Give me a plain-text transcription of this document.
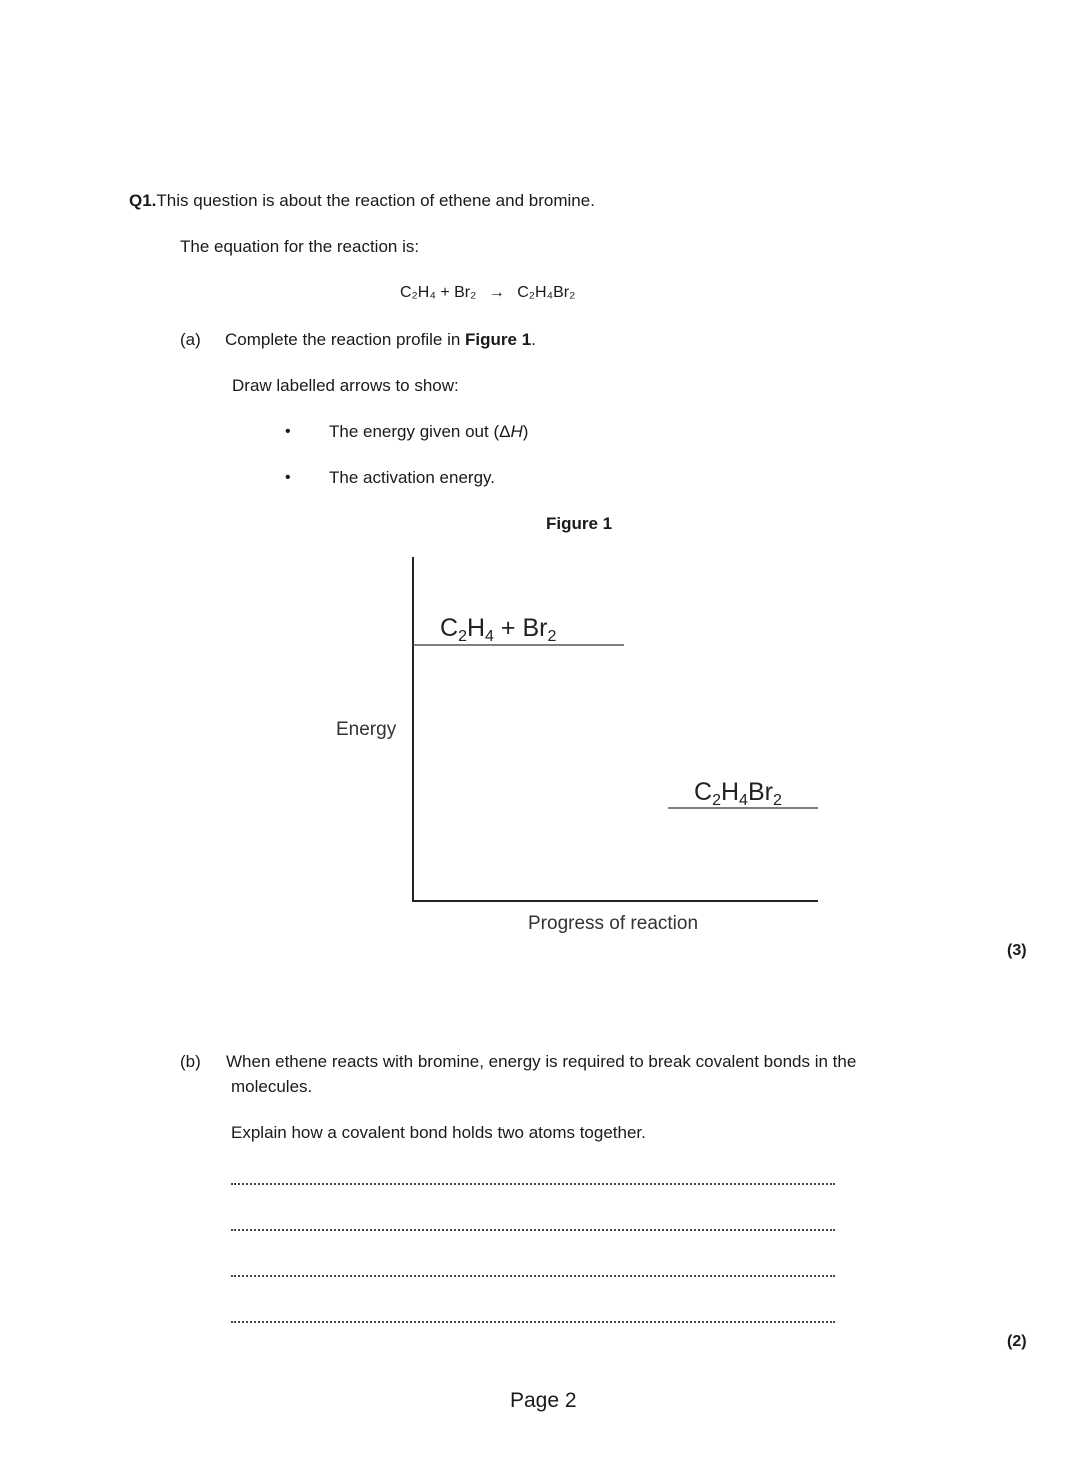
Q1.This question is about the reaction of ethene and bromine.
The equation for the reaction is:
C₂H₄ + Br₂ → C₂H₄Br₂
(a) Complete the reaction profile in Figure 1.
Draw labelled arrows to show:
• The energy given out (ΔH)
• The activation energy.
Figure 1
$C_2H_4 + Br_2$
$C_2H_4Br_2$
Energy
Progress of reaction
(3)
(b) When ethene reacts with bromine, energy is required to break covalent bonds in the
molecules.
Explain how a covalent bond holds two atoms together.
(2)
Page 2
